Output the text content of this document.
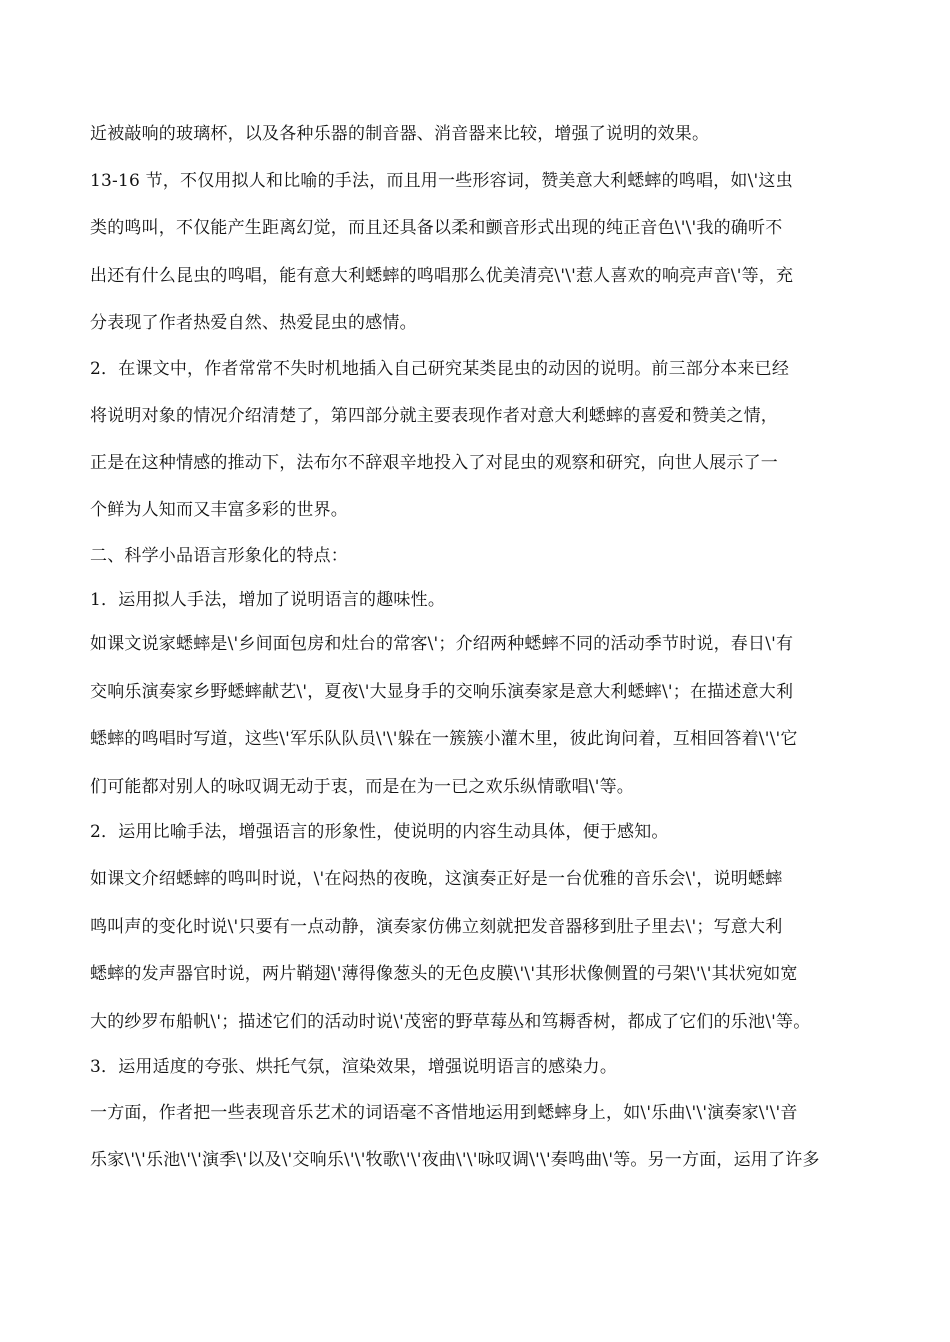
近被敲响的玻璃杯，以及各种乐器的制音器、消音器来比较，增强了说明的效果。
13-16 节，不仅用拟人和比喻的手法，而且用一些形容词，赞美意大利蟋蟀的鸣唱，如\'这虫
类的鸣叫，不仅能产生距离幻觉，而且还具备以柔和颤音形式出现的纯正音色\'\'我的确听不
出还有什么昆虫的鸣唱，能有意大利蟋蟀的鸣唱那么优美清亮\'\'惹人喜欢的响亮声音\'等，充
分表现了作者热爱自然、热爱昆虫的感情。
2．在课文中，作者常常不失时机地插入自己研究某类昆虫的动因的说明。前三部分本来已经
将说明对象的情况介绍清楚了，第四部分就主要表现作者对意大利蟋蟀的喜爱和赞美之情，
正是在这种情感的推动下，法布尔不辞艰辛地投入了对昆虫的观察和研究，向世人展示了一
个鲜为人知而又丰富多彩的世界。
二、科学小品语言形象化的特点：
1．运用拟人手法，增加了说明语言的趣味性。
如课文说家蟋蟀是\'乡间面包房和灶台的常客\'；介绍两种蟋蟀不同的活动季节时说，春日\'有
交响乐演奏家乡野蟋蟀献艺\'，夏夜\'大显身手的交响乐演奏家是意大利蟋蟀\'；在描述意大利
蟋蟀的鸣唱时写道，这些\'军乐队队员\'\'躲在一簇簇小灌木里，彼此询问着，互相回答着\'\'它
们可能都对别人的咏叹调无动于衷，而是在为一已之欢乐纵情歌唱\'等。
2．运用比喻手法，增强语言的形象性，使说明的内容生动具体，便于感知。
如课文介绍蟋蟀的鸣叫时说，\'在闷热的夜晚，这演奏正好是一台优雅的音乐会\'，说明蟋蟀
鸣叫声的变化时说\'只要有一点动静，演奏家仿佛立刻就把发音器移到肚子里去\'；写意大利
蟋蟀的发声器官时说，两片鞘翅\'薄得像葱头的无色皮膜\'\'其形状像侧置的弓架\'\'其状宛如宽
大的纱罗布船帆\'；描述它们的活动时说\'茂密的野草莓丛和笃耨香树，都成了它们的乐池\'等。
3．运用适度的夸张、烘托气氛，渲染效果，增强说明语言的感染力。
一方面，作者把一些表现音乐艺术的词语毫不吝惜地运用到蟋蟀身上，如\'乐曲\'\'演奏家\'\'音
乐家\'\'乐池\'\'演季\'以及\'交响乐\'\'牧歌\'\'夜曲\'\'咏叹调\'\'奏鸣曲\'等。另一方面，运用了许多
